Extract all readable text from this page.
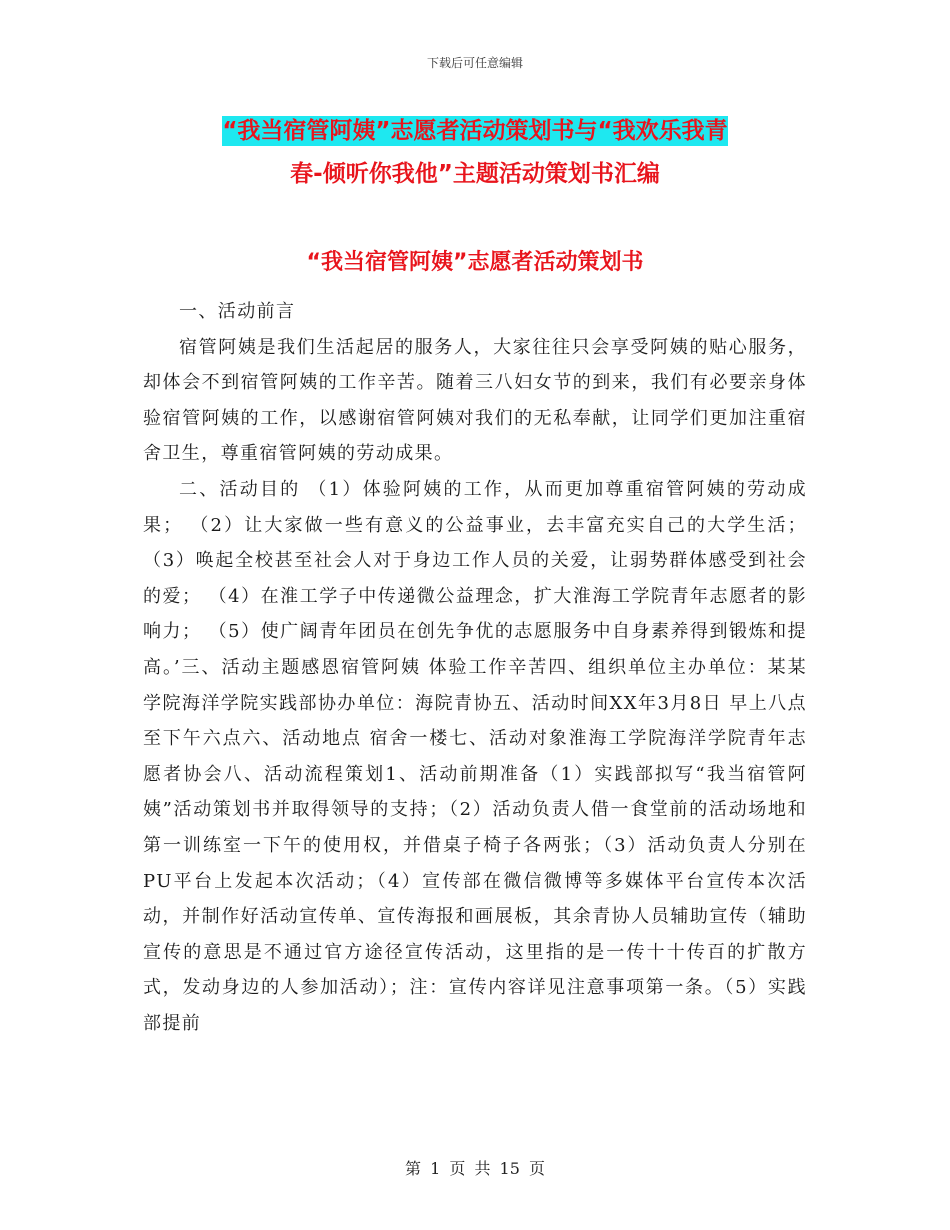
下载后可任意编辑
“我当宿管阿姨”志愿者活动策划书与“我欢乐我青
春-倾听你我他”主题活动策划书汇编
“我当宿管阿姨”志愿者活动策划书

一、活动前言

宿管阿姨是我们生活起居的服务人，大家往往只会享受阿姨的贴心服务，却体会不到宿管阿姨的工作辛苦。随着三八妇女节的到来，我们有必要亲身体验宿管阿姨的工作，以感谢宿管阿姨对我们的无私奉献，让同学们更加注重宿舍卫生，尊重宿管阿姨的劳动成果。

二、活动目的 （1）体验阿姨的工作，从而更加尊重宿管阿姨的劳动成果； （2）让大家做一些有意义的公益事业，去丰富充实自己的大学生活； （3）唤起全校甚至社会人对于身边工作人员的关爱，让弱势群体感受到社会的爱； （4）在淮工学子中传递微公益理念，扩大淮海工学院青年志愿者的影响力； （5）使广阔青年团员在创先争优的志愿服务中自身素养得到锻炼和提高。’三、活动主题感恩宿管阿姨 体验工作辛苦四、组织单位主办单位：某某学院海洋学院实践部协办单位：海院青协五、活动时间XX年3月8日 早上八点至下午六点六、活动地点 宿舍一楼七、活动对象淮海工学院海洋学院青年志愿者协会八、活动流程策划1、活动前期准备（1）实践部拟写“我当宿管阿姨”活动策划书并取得领导的支持；（2）活动负责人借一食堂前的活动场地和第一训练室一下午的使用权，并借桌子椅子各两张；（3）活动负责人分别在PU平台上发起本次活动；（4）宣传部在微信微博等多媒体平台宣传本次活动，并制作好活动宣传单、宣传海报和画展板，其余青协人员辅助宣传（辅助宣传的意思是不通过官方途径宣传活动，这里指的是一传十十传百的扩散方式，发动身边的人参加活动）；注：宣传内容详见注意事项第一条。（5）实践部提前

第 1 页 共 15 页
